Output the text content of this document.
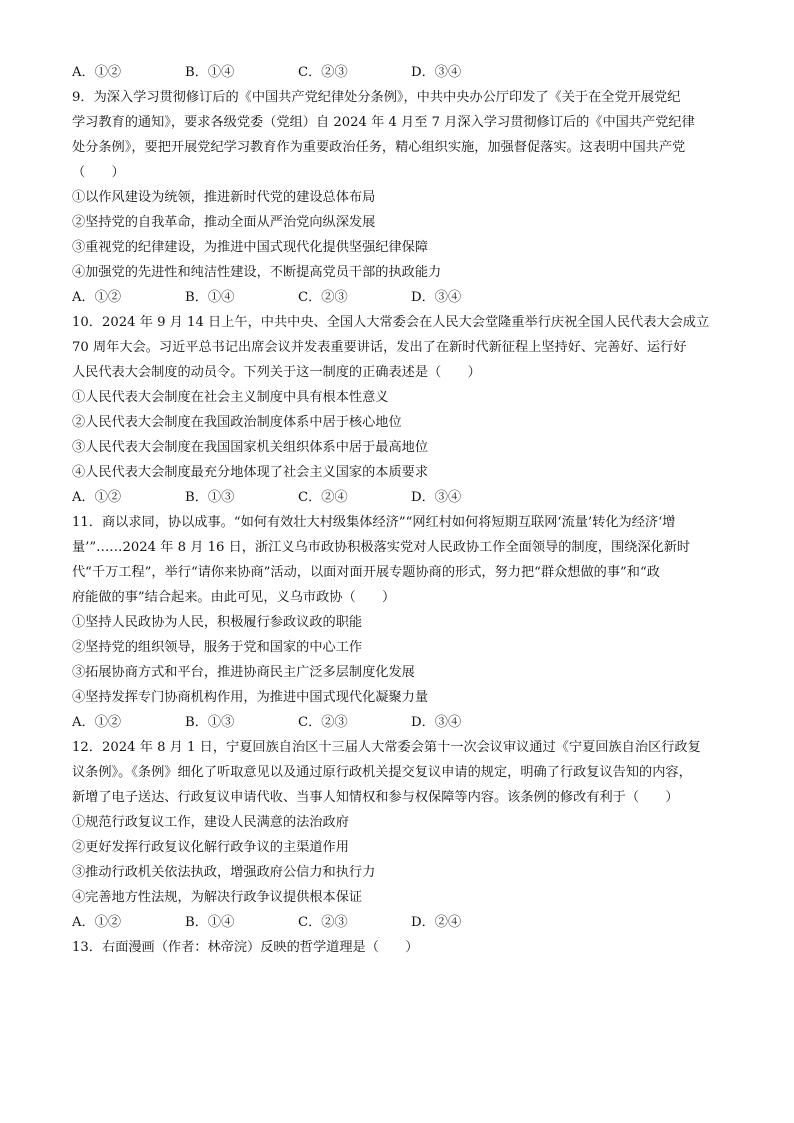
A．①②	B．①④	C．②③	D．③④
9．为深入学习贯彻修订后的《中国共产党纪律处分条例》，中共中央办公厅印发了《关于在全党开展党纪
学习教育的通知》，要求各级党委（党组）自 2024 年 4 月至 7 月深入学习贯彻修订后的《中国共产党纪律
处分条例》，要把开展党纪学习教育作为重要政治任务，精心组织实施，加强督促落实。这表明中国共产党
（　　）
①以作风建设为统领，推进新时代党的建设总体布局
②坚持党的自我革命，推动全面从严治党向纵深发展
③重视党的纪律建设，为推进中国式现代化提供坚强纪律保障
④加强党的先进性和纯洁性建设，不断提高党员干部的执政能力
A．①②	B．①④	C．②③	D．③④
10．2024 年 9 月 14 日上午，中共中央、全国人大常委会在人民大会堂隆重举行庆祝全国人民代表大会成立
70 周年大会。习近平总书记出席会议并发表重要讲话，发出了在新时代新征程上坚持好、完善好、运行好
人民代表大会制度的动员令。下列关于这一制度的正确表述是（　　）
①人民代表大会制度在社会主义制度中具有根本性意义
②人民代表大会制度在我国政治制度体系中居于核心地位
③人民代表大会制度在我国国家机关组织体系中居于最高地位
④人民代表大会制度最充分地体现了社会主义国家的本质要求
A．①②	B．①③	C．②④	D．③④
11．商以求同，协以成事。“如何有效壮大村级集体经济”“网红村如何将短期互联网‘流量’转化为经济‘增
量’”……2024 年 8 月 16 日，浙江义乌市政协积极落实党对人民政协工作全面领导的制度，围绕深化新时
代“千万工程”，举行“请你来协商”活动，以面对面开展专题协商的形式，努力把“群众想做的事”和“政
府能做的事”结合起来。由此可见，义乌市政协（　　）
①坚持人民政协为人民，积极履行参政议政的职能
②坚持党的组织领导，服务于党和国家的中心工作
③拓展协商方式和平台，推进协商民主广泛多层制度化发展
④坚持发挥专门协商机构作用，为推进中国式现代化凝聚力量
A．①②	B．①③	C．②③	D．③④
12．2024 年 8 月 1 日，宁夏回族自治区十三届人大常委会第十一次会议审议通过《宁夏回族自治区行政复
议条例》。《条例》细化了听取意见以及通过原行政机关提交复议申请的规定，明确了行政复议告知的内容，
新增了电子送达、行政复议申请代收、当事人知情权和参与权保障等内容。该条例的修改有利于（　　）
①规范行政复议工作，建设人民满意的法治政府
②更好发挥行政复议化解行政争议的主渠道作用
③推动行政机关依法执政，增强政府公信力和执行力
④完善地方性法规，为解决行政争议提供根本保证
A．①②	B．①④	C．②③	D．②④
13．右面漫画（作者：林帝浣）反映的哲学道理是（　　）
